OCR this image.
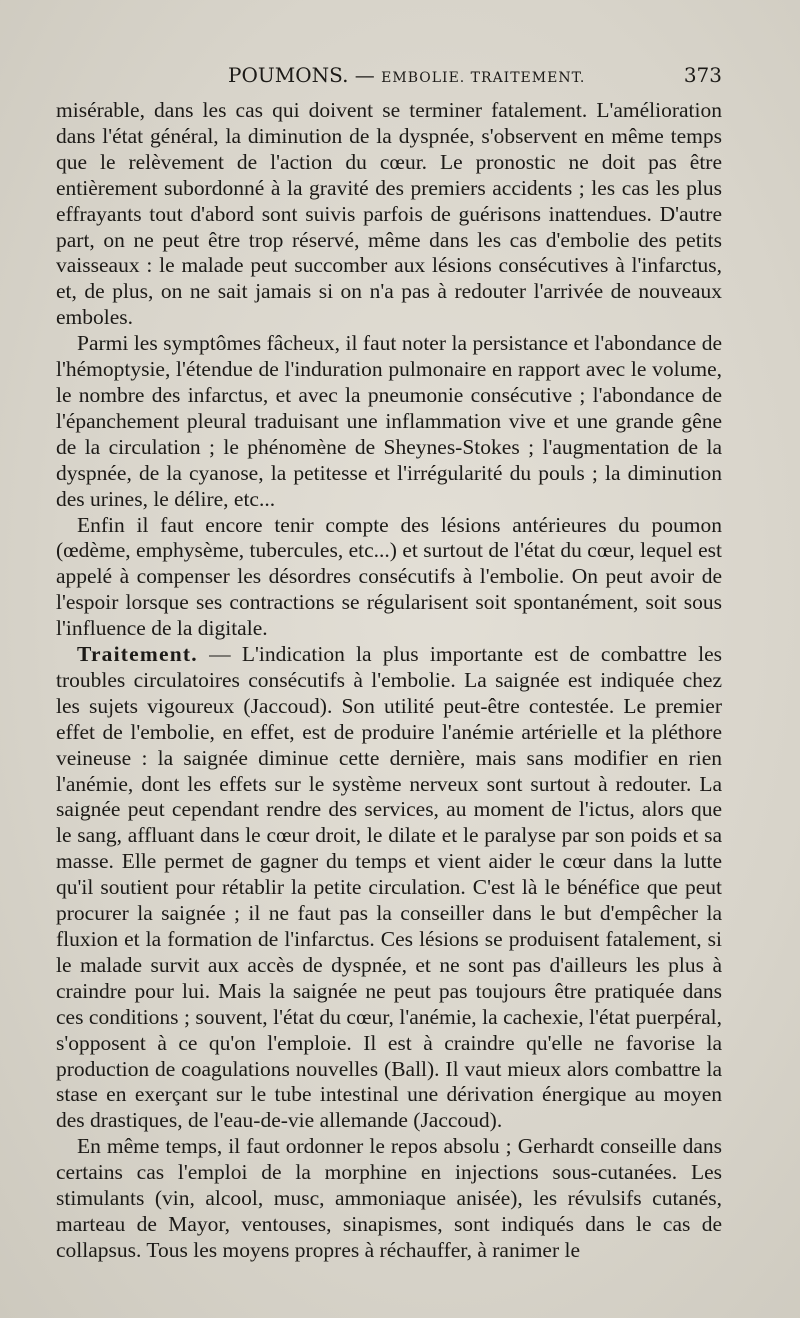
POUMONS. — EMBOLIE. TRAITEMENT.	373

misérable, dans les cas qui doivent se terminer fatalement. L'amélioration dans l'état général, la diminution de la dyspnée, s'observent en même temps que le relèvement de l'action du cœur. Le pronostic ne doit pas être entièrement subordonné à la gravité des premiers accidents ; les cas les plus effrayants tout d'abord sont suivis parfois de guérisons inattendues. D'autre part, on ne peut être trop réservé, même dans les cas d'embolie des petits vaisseaux : le malade peut succomber aux lésions consécutives à l'infarctus, et, de plus, on ne sait jamais si on n'a pas à redouter l'arrivée de nouveaux emboles.

Parmi les symptômes fâcheux, il faut noter la persistance et l'abondance de l'hémoptysie, l'étendue de l'induration pulmonaire en rapport avec le volume, le nombre des infarctus, et avec la pneumonie consécutive ; l'abondance de l'épanchement pleural traduisant une inflammation vive et une grande gêne de la circulation ; le phénomène de Sheynes-Stokes ; l'augmentation de la dyspnée, de la cyanose, la petitesse et l'irrégularité du pouls ; la diminution des urines, le délire, etc...

Enfin il faut encore tenir compte des lésions antérieures du poumon (œdème, emphysème, tubercules, etc...) et surtout de l'état du cœur, lequel est appelé à compenser les désordres consécutifs à l'embolie. On peut avoir de l'espoir lorsque ses contractions se régularisent soit spontanément, soit sous l'influence de la digitale.

Traitement. — L'indication la plus importante est de combattre les troubles circulatoires consécutifs à l'embolie. La saignée est indiquée chez les sujets vigoureux (Jaccoud). Son utilité peut-être contestée. Le premier effet de l'embolie, en effet, est de produire l'anémie artérielle et la pléthore veineuse : la saignée diminue cette dernière, mais sans modifier en rien l'anémie, dont les effets sur le système nerveux sont surtout à redouter. La saignée peut cependant rendre des services, au moment de l'ictus, alors que le sang, affluant dans le cœur droit, le dilate et le paralyse par son poids et sa masse. Elle permet de gagner du temps et vient aider le cœur dans la lutte qu'il soutient pour rétablir la petite circulation. C'est là le bénéfice que peut procurer la saignée ; il ne faut pas la conseiller dans le but d'empêcher la fluxion et la formation de l'infarctus. Ces lésions se produisent fatalement, si le malade survit aux accès de dyspnée, et ne sont pas d'ailleurs les plus à craindre pour lui. Mais la saignée ne peut pas toujours être pratiquée dans ces conditions ; souvent, l'état du cœur, l'anémie, la cachexie, l'état puerpéral, s'opposent à ce qu'on l'emploie. Il est à craindre qu'elle ne favorise la production de coagulations nouvelles (Ball). Il vaut mieux alors combattre la stase en exerçant sur le tube intestinal une dérivation énergique au moyen des drastiques, de l'eau-de-vie allemande (Jaccoud).

En même temps, il faut ordonner le repos absolu ; Gerhardt conseille dans certains cas l'emploi de la morphine en injections sous-cutanées. Les stimulants (vin, alcool, musc, ammoniaque anisée), les révulsifs cutanés, marteau de Mayor, ventouses, sinapismes, sont indiqués dans le cas de collapsus. Tous les moyens propres à réchauffer, à ranimer le
